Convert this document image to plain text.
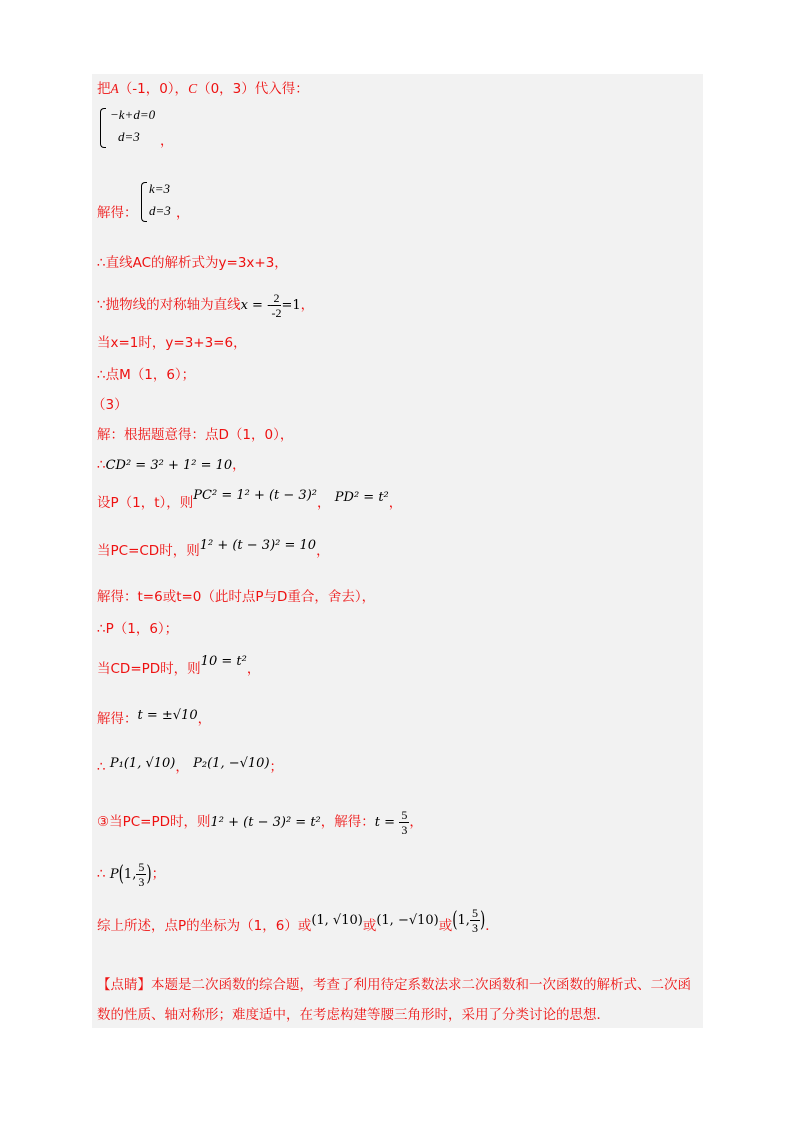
把A（-1，0），C（0，3）代入得：
−k+d=0
d=3	，
解得：
k=3
d=3 ，
∴直线AC的解析式为y=3x+3，
∵抛物线的对称轴为直线x = - $\frac{2}{-2} =1$，
当x=1时，y=3+3=6，
∴点M（1，6）；
（3）
解：根据题意得：点D（1，0），
∴CD² = 3² + 1² = 10，
设P（1，t），则PC² = 1² + (t − 3)²， PD² = t²，
当PC=CD时，则1² + (t − 3)² = 10，
解得：t=6或t=0（此时点P与D重合，舍去），
∴P（1，6）；
当CD=PD时，则10 = t²，
解得：t = ±√10，
∴ P₁(1, √10)， P₂(1, −√10)；
③当PC=PD时，则1² + (t − 3)² = t²，解得：$t = \frac{5}{3}$ ，
∴ P(1, $\frac{5}{3}$ )；
综上所述，点P的坐标为（1，6）或(1, √10)或(1, −√10)或(1, $\frac{5}{3}$ )．
【点睛】本题是二次函数的综合题，考查了利用待定系数法求二次函数和一次函数的解析式、二次函数的性质、轴对称形；难度适中，在考虑构建等腰三角形时，采用了分类讨论的思想．
